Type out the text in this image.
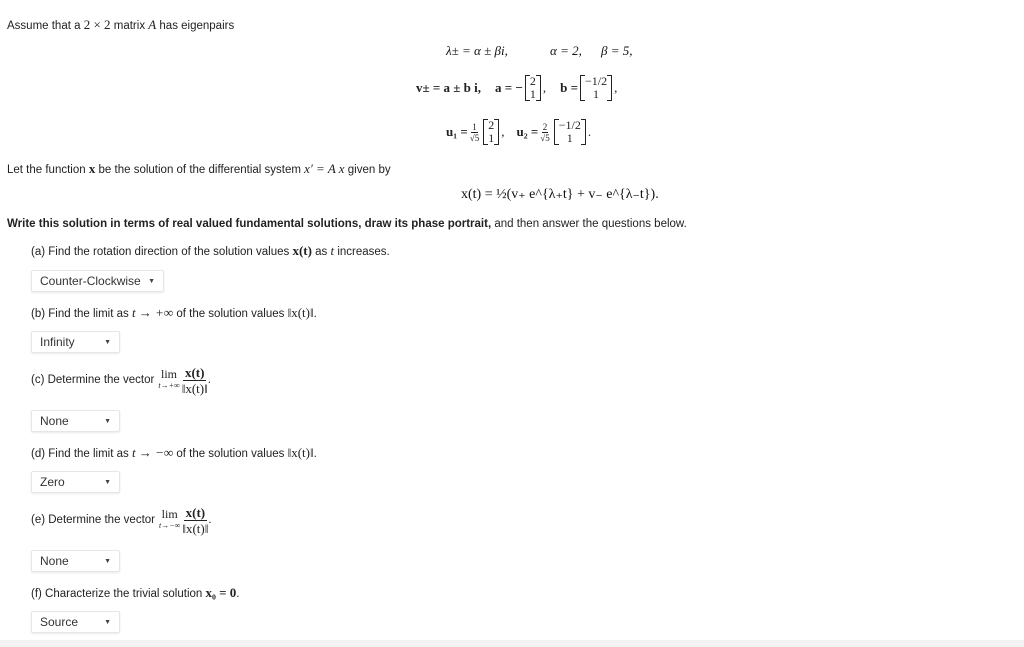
Assume that a 2 × 2 matrix A has eigenpairs
λ± = α ± βi,	α = 2, β = 5,
v± = a ± b i, a = − 2
1 , b = −1/2
1 ,
$u_1 = \frac{1}{√5} 2$
1 , $u_2 = \frac{2}{√5} -1/2$
1 .
Let the function x be the solution of the differential system x′ = A x given by
x(t) = ½(v₊ e^{λ₊t} + v₋ e^{λ₋t}).
Write this solution in terms of real valued fundamental solutions, draw its phase portrait, and then answer the questions below.
(a) Find the rotation direction of the solution values x(t) as t increases.
Counter-Clockwise ▼
(b) Find the limit as t → +∞ of the solution values ‖x(t)‖.
Infinity	▼
(c) Determine the vector lim
$t\to+\infty \frac{x(t)}{‖x(t)‖}$ .
None	▼
(d) Find the limit as t → −∞ of the solution values ‖x(t)‖.
Zero	▼
(e) Determine the vector lim
$t\to-\infty \frac{x(t)}{‖x(t)‖}$ .
None	▼
(f) Characterize the trivial solution x₀ = 0.
Source	▼
